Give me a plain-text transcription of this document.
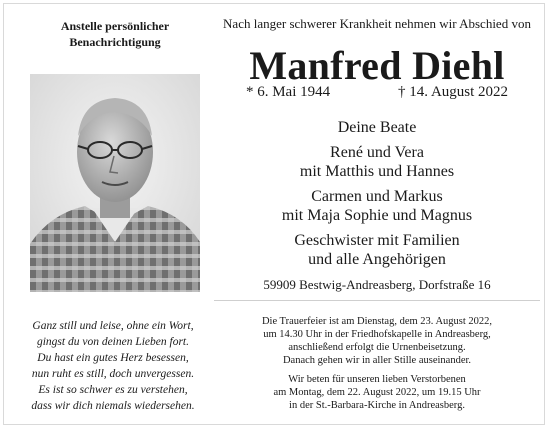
Anstelle persönlicher
Benachrichtigung
Nach langer schwerer Krankheit nehmen wir Abschied von
Manfred Diehl
* 6. Mai 1944	† 14. August 2022
Deine Beate
René und Vera
mit Matthis und Hannes
Carmen und Markus
mit Maja Sophie und Magnus
Geschwister mit Familien
und alle Angehörigen
59909 Bestwig-Andreasberg, Dorfstraße 16
Ganz still und leise, ohne ein Wort,
gingst du von deinen Lieben fort.
Du hast ein gutes Herz besessen,
nun ruht es still, doch unvergessen.
Es ist so schwer es zu verstehen,
dass wir dich niemals wiedersehen.
Die Trauerfeier ist am Dienstag, dem 23. August 2022,
um 14.30 Uhr in der Friedhofskapelle in Andreasberg,
anschließend erfolgt die Urnenbeisetzung.
Danach gehen wir in aller Stille auseinander.
Wir beten für unseren lieben Verstorbenen
am Montag, dem 22. August 2022, um 19.15 Uhr
in der St.-Barbara-Kirche in Andreasberg.
